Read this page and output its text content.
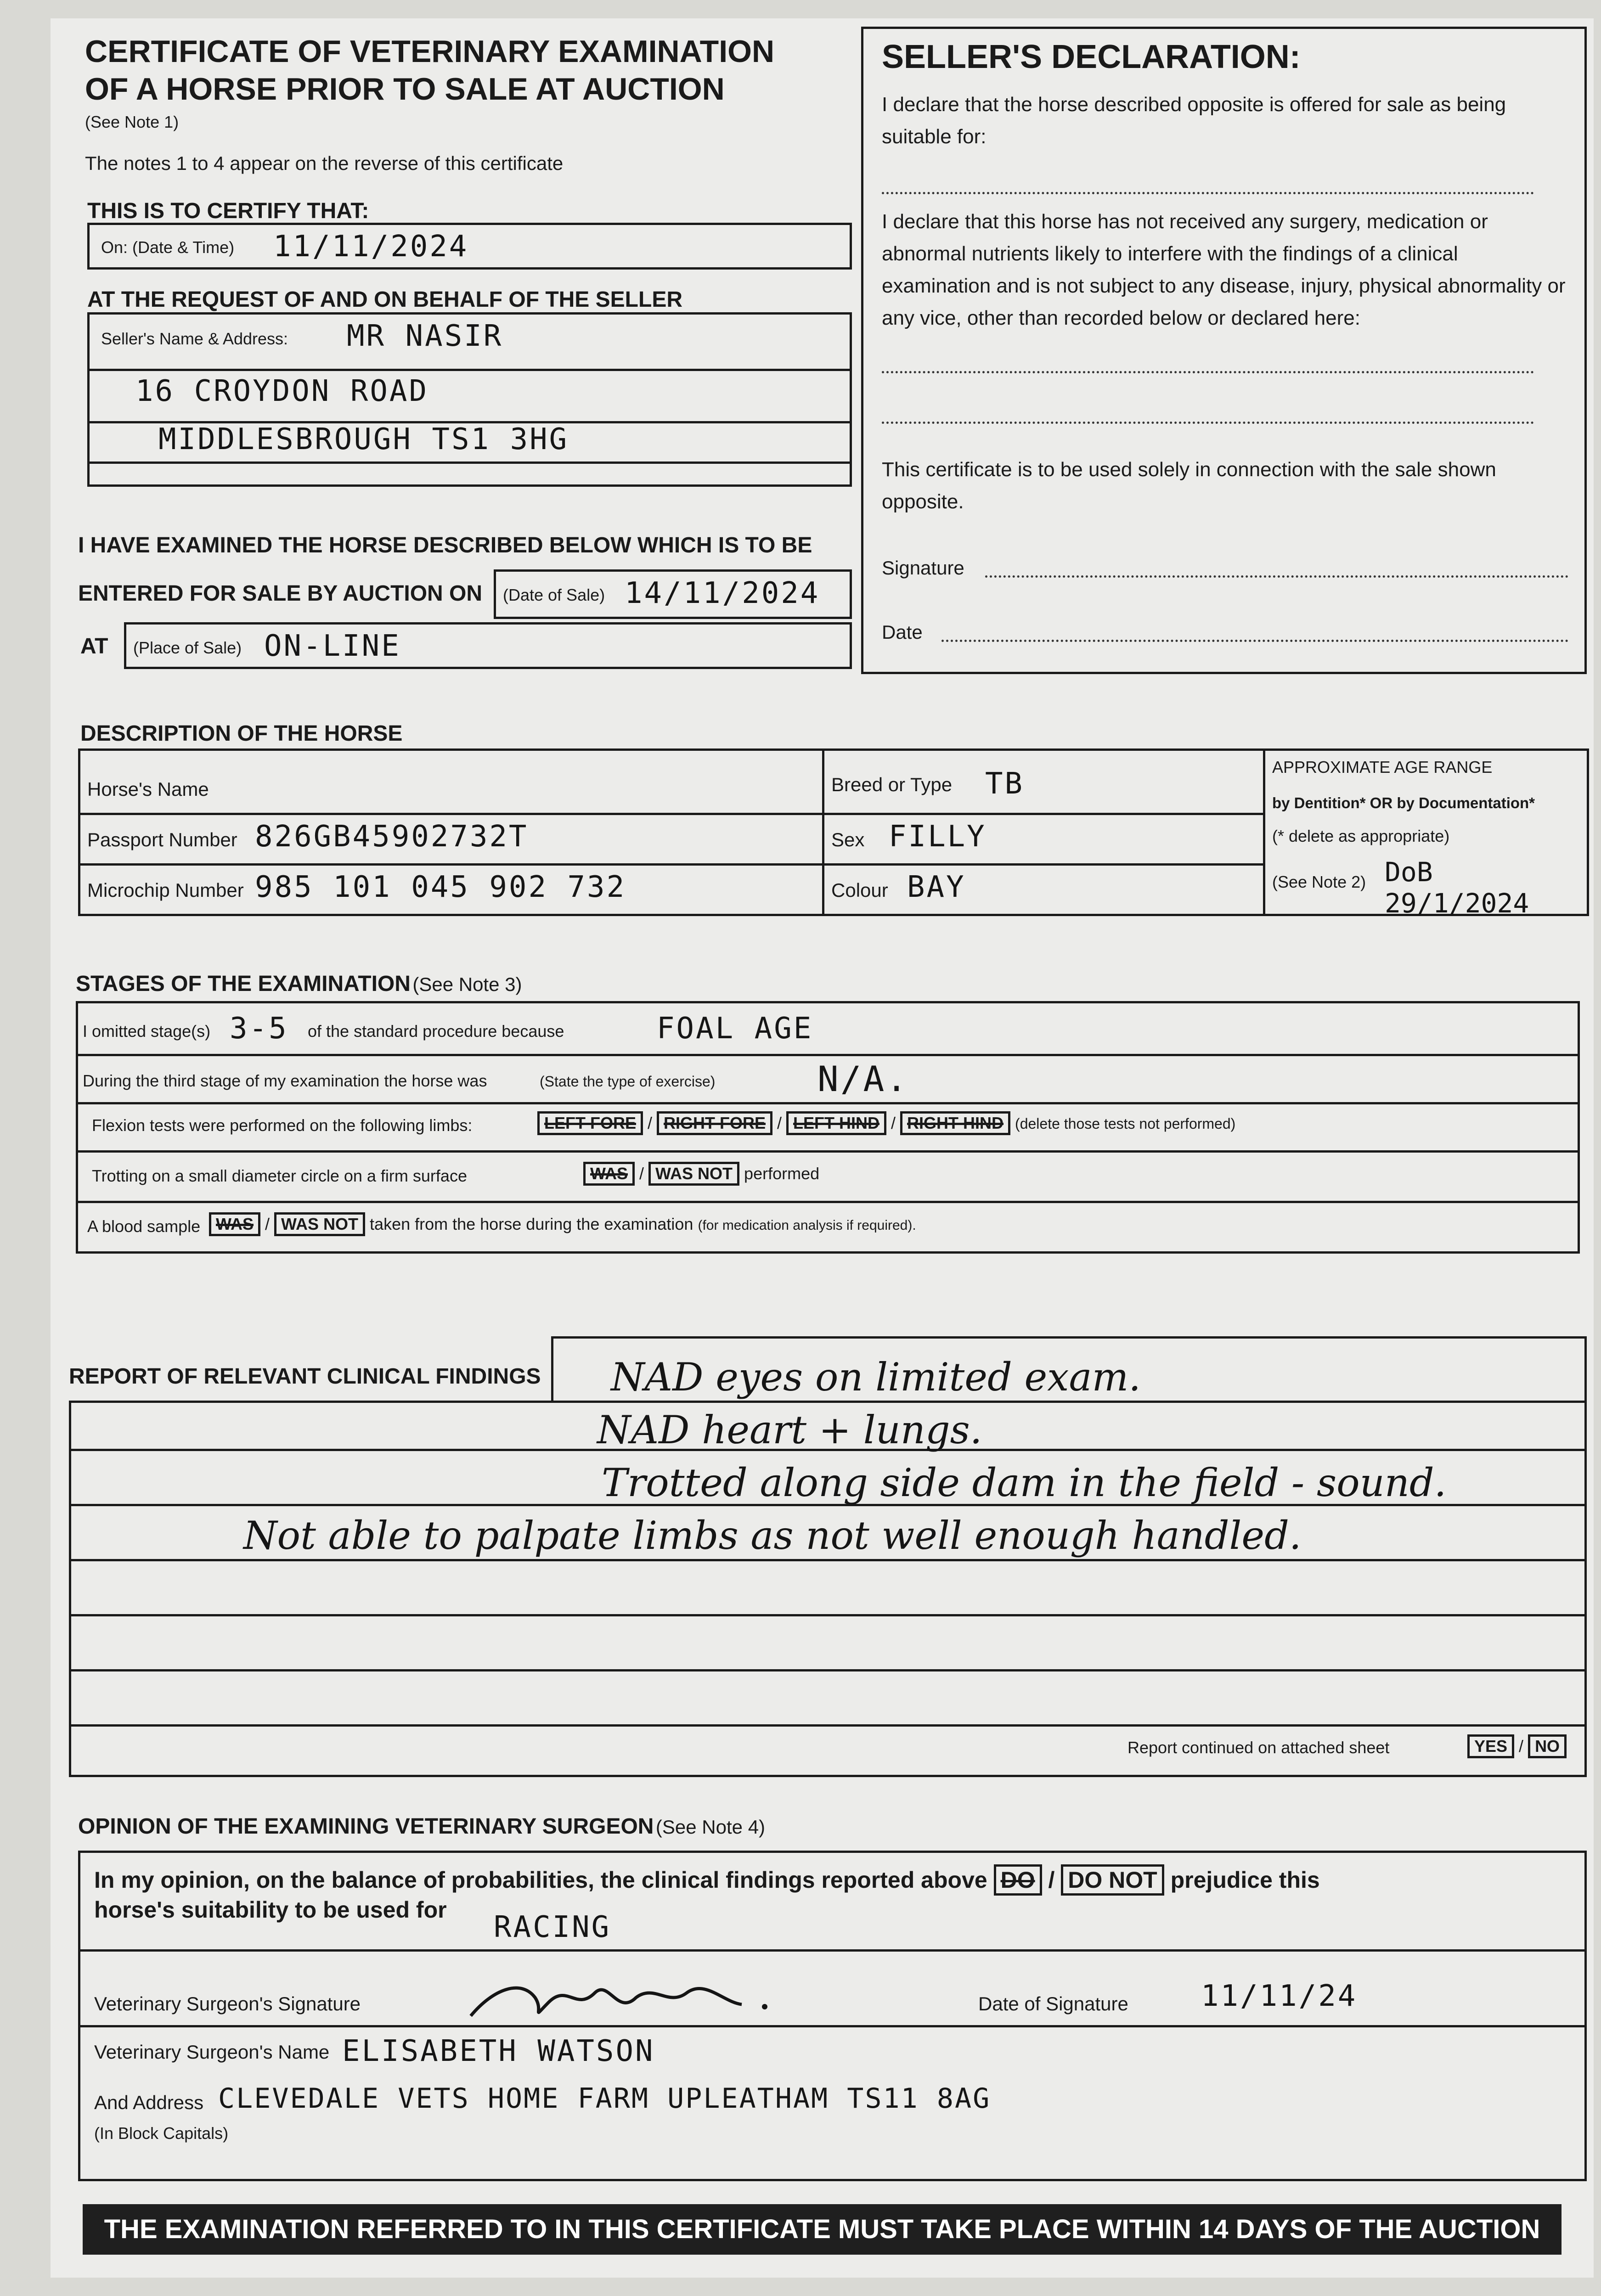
CERTIFICATE OF VETERINARY EXAMINATION
OF A HORSE PRIOR TO SALE AT AUCTION
(See Note 1)
The notes 1 to 4 appear on the reverse of this certificate
THIS IS TO CERTIFY THAT:
On: (Date & Time) 11/11/2024
AT THE REQUEST OF AND ON BEHALF OF THE SELLER
Seller's Name & Address: MR NASIR
16 CROYDON ROAD
MIDDLESBROUGH TS1 3HG
I HAVE EXAMINED THE HORSE DESCRIBED BELOW WHICH IS TO BE
ENTERED FOR SALE BY AUCTION ON (Date of Sale) 14/11/2024
AT (Place of Sale) ON-LINE
SELLER'S DECLARATION:
I declare that the horse described opposite is offered for sale as being suitable for:
I declare that this horse has not received any surgery, medication or abnormal nutrients likely to interfere with the findings of a clinical examination and is not subject to any disease, injury, physical abnormality or any vice, other than recorded below or declared here:
This certificate is to be used solely in connection with the sale shown opposite.
Signature
Date
DESCRIPTION OF THE HORSE
Horse's Name
Passport Number 826GB45902732T
Microchip Number 985 101 045 902 732
Breed or Type TB
Sex FILLY
Colour BAY
APPROXIMATE AGE RANGE
by Dentition* OR by Documentation*
(* delete as appropriate)
(See Note 2) DoB 29/1/2024
STAGES OF THE EXAMINATION (See Note 3)
I omitted stage(s) 3-5 of the standard procedure because	FOAL AGE
During the third stage of my examination the horse was	(State the type of exercise)	N/A.
Flexion tests were performed on the following limbs:	LEFT FORE / RIGHT FORE / LEFT HIND / RIGHT HIND (delete those tests not performed)
Trotting on a small diameter circle on a firm surface	WAS / WAS NOT performed
A blood sample WAS / WAS NOT taken from the horse during the examination (for medication analysis if required).
REPORT OF RELEVANT CLINICAL FINDINGS
Report continued on attached sheet	YES / NO
NAD eyes on limited exam.
NAD heart + lungs.
Trotted along side dam in the field - sound.
Not able to palpate limbs as not well enough handled.
OPINION OF THE EXAMINING VETERINARY SURGEON (See Note 4)
In my opinion, on the balance of probabilities, the clinical findings reported above DO / DO NOT prejudice this
horse's suitability to be used for
RACING
Veterinary Surgeon's Signature	Date of Signature 11/11/24
Veterinary Surgeon's Name ELISABETH WATSON
And Address CLEVEDALE VETS HOME FARM UPLEATHAM TS11 8AG
(In Block Capitals)
THE EXAMINATION REFERRED TO IN THIS CERTIFICATE MUST TAKE PLACE WITHIN 14 DAYS OF THE AUCTION
